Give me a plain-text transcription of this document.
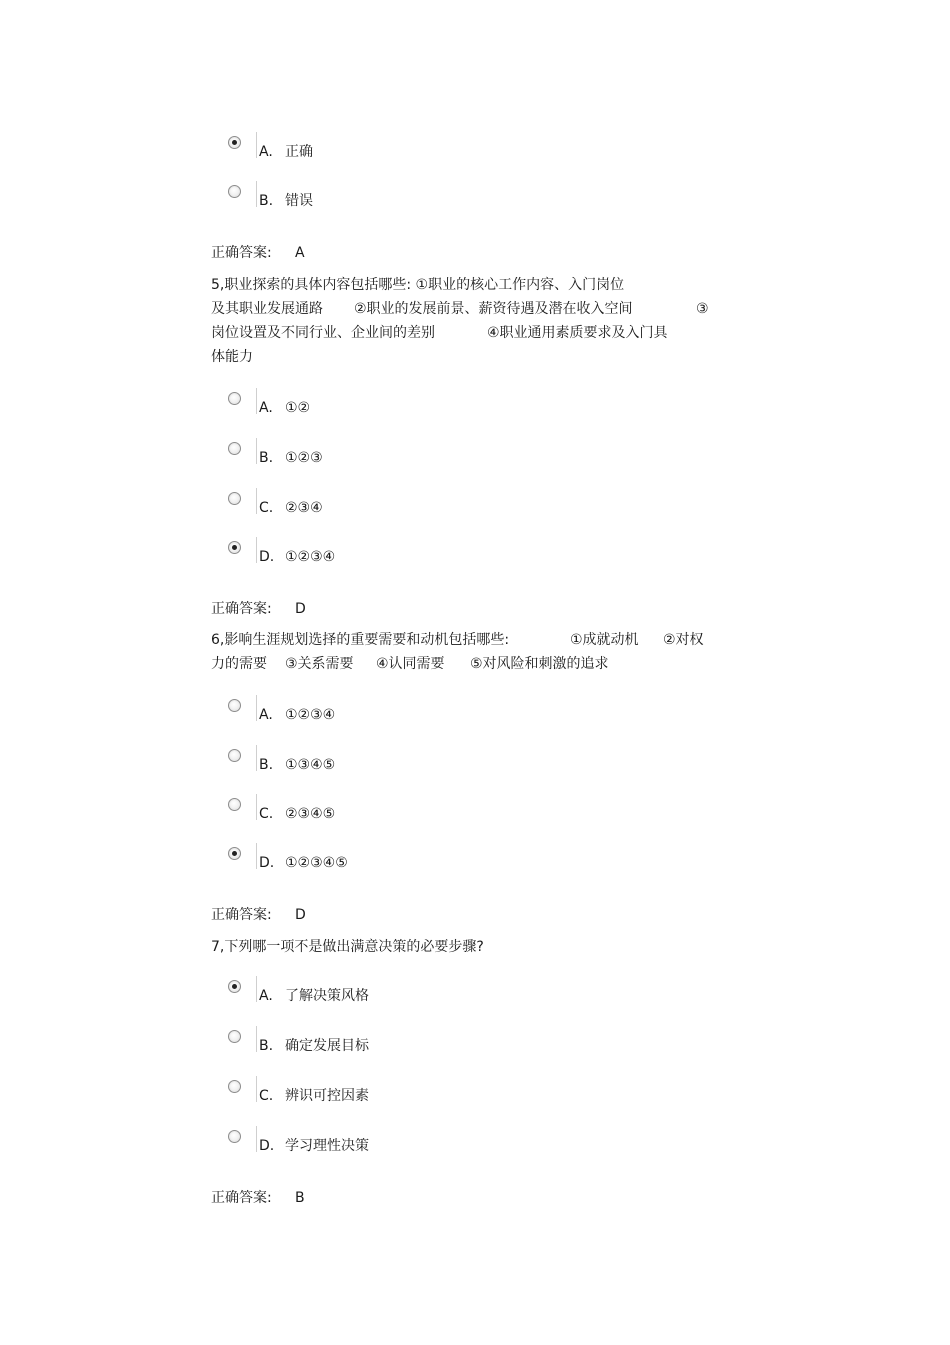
A. 正确
B. 错误
正确答案: A
5,职业探索的具体内容包括哪些: ①职业的核心工作内容、入门岗位
及其职业发展通路 ②职业的发展前景、薪资待遇及潜在收入空间	③
岗位设置及不同行业、企业间的差别	④职业通用素质要求及入门具
体能力
A. ①②
B. ①②③
C. ②③④
D. ①②③④
正确答案: D
6,影响生涯规划选择的重要需要和动机包括哪些:	①成就动机 ②对权
力的需要 ③关系需要 ④认同需要 ⑤对风险和刺激的追求
A. ①②③④
B. ①③④⑤
C. ②③④⑤
D. ①②③④⑤
正确答案: D
7,下列哪一项不是做出满意决策的必要步骤?
A. 了解决策风格
B. 确定发展目标
C. 辨识可控因素
D. 学习理性决策
正确答案: B
